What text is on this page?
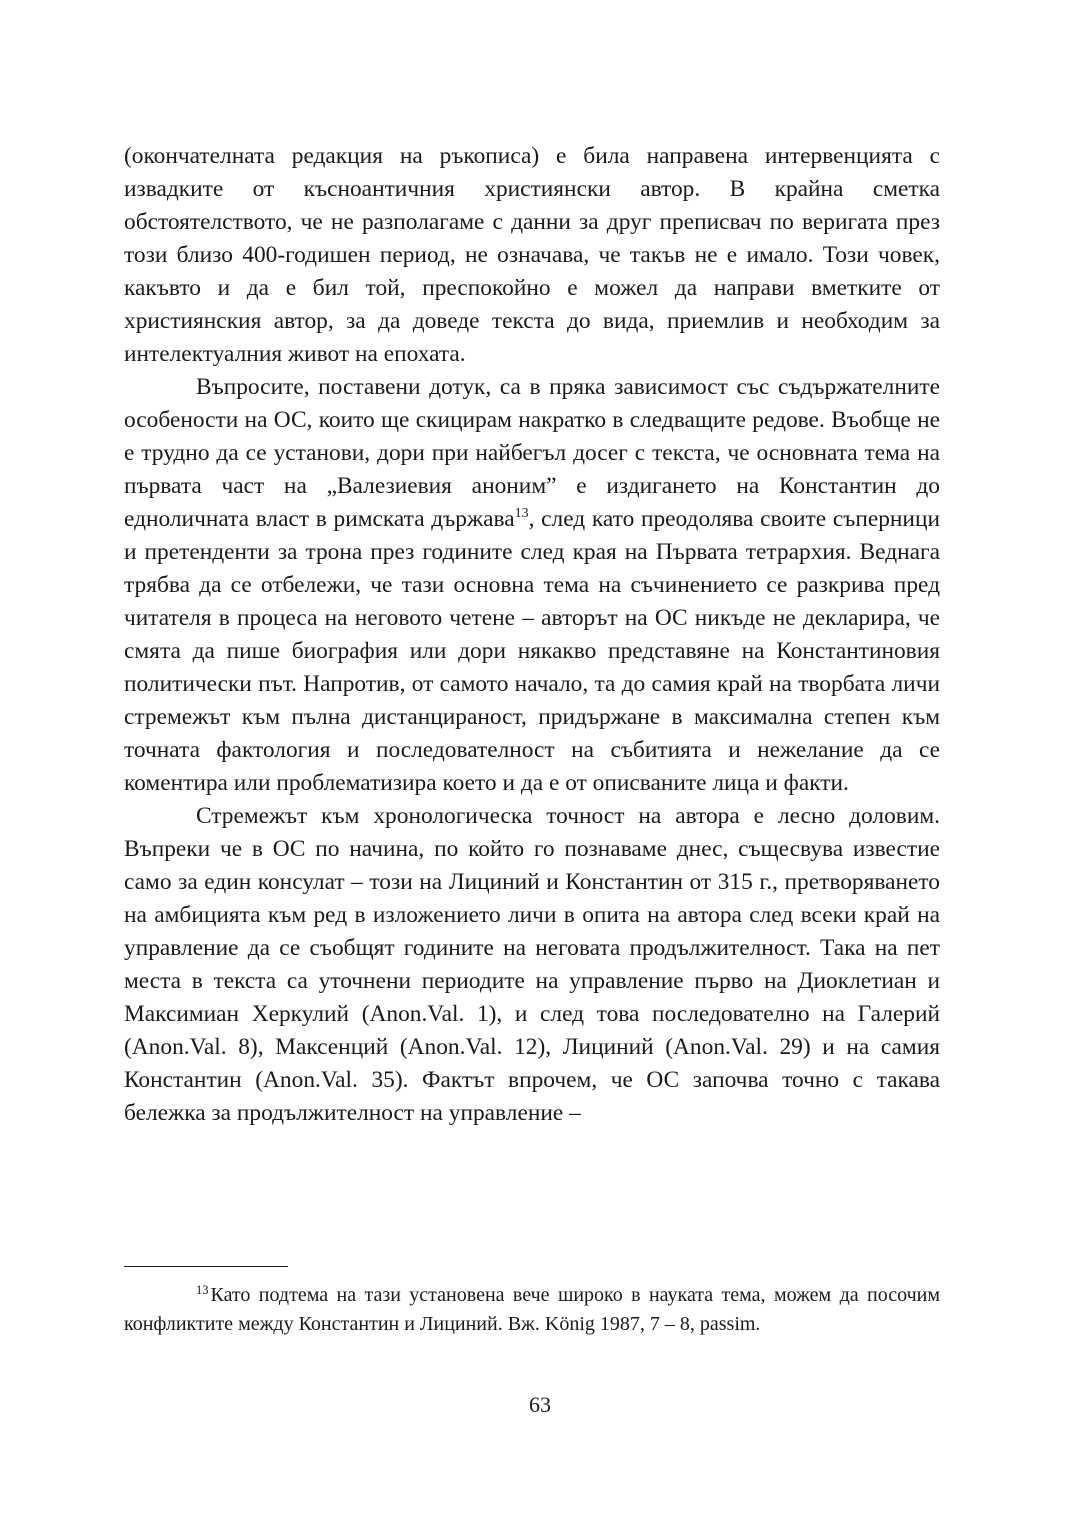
(окончателната редакция на ръкописа) е била направена интервенцията с извадките от късноантичния християнски автор. В крайна сметка обстоятелството, че не разполагаме с данни за друг преписвач по веригата през този близо 400-годишен период, не означава, че такъв не е имало. Този човек, какъвто и да е бил той, преспокойно е можел да направи вметките от християнския автор, за да доведе текста до вида, приемлив и необходим за интелектуалния живот на епохата.

Въпросите, поставени дотук, са в пряка зависимост със съдържателните особености на ОС, които ще скицирам накратко в следващите редове. Въобще не е трудно да се установи, дори при найбегъл досег с текста, че основната тема на първата част на „Валезиевия аноним” е издигането на Константин до едноличната власт в римската държава$^{13}$, след като преодолява своите съперници и претенденти за трона през годините след края на Първата тетрархия. Веднага трябва да се отбележи, че тази основна тема на съчинението се разкрива пред читателя в процеса на неговото четене – авторът на ОС никъде не декларира, че смята да пише биография или дори някакво представяне на Константиновия политически път. Напротив, от самото начало, та до самия край на творбата личи стремежът към пълна дистанцираност, придържане в максимална степен към точната фактология и последователност на събитията и нежелание да се коментира или проблематизира което и да е от описваните лица и факти.

Стремежът към хронологическа точност на автора е лесно доловим. Въпреки че в ОС по начина, по който го познаваме днес, същесвува известие само за един консулат – този на Лициний и Константин от 315 г., претворяването на амбицията към ред в изложението личи в опита на автора след всеки край на управление да се съобщят годините на неговата продължителност. Така на пет места в текста са уточнени периодите на управление първо на Диоклетиан и Максимиан Херкулий (Anon.Val. 1), и след това последователно на Галерий (Anon.Val. 8), Максенций (Anon.Val. 12), Лициний (Anon.Val. 29) и на самия Константин (Anon.Val. 35). Фактът впрочем, че ОС започва точно с такава бележка за продължителност на управление –

$^{13}$ Като подтема на тази установена вече широко в науката тема, можем да посочим конфликтите между Константин и Лициний. Вж. König 1987, 7 – 8, passim.

63
